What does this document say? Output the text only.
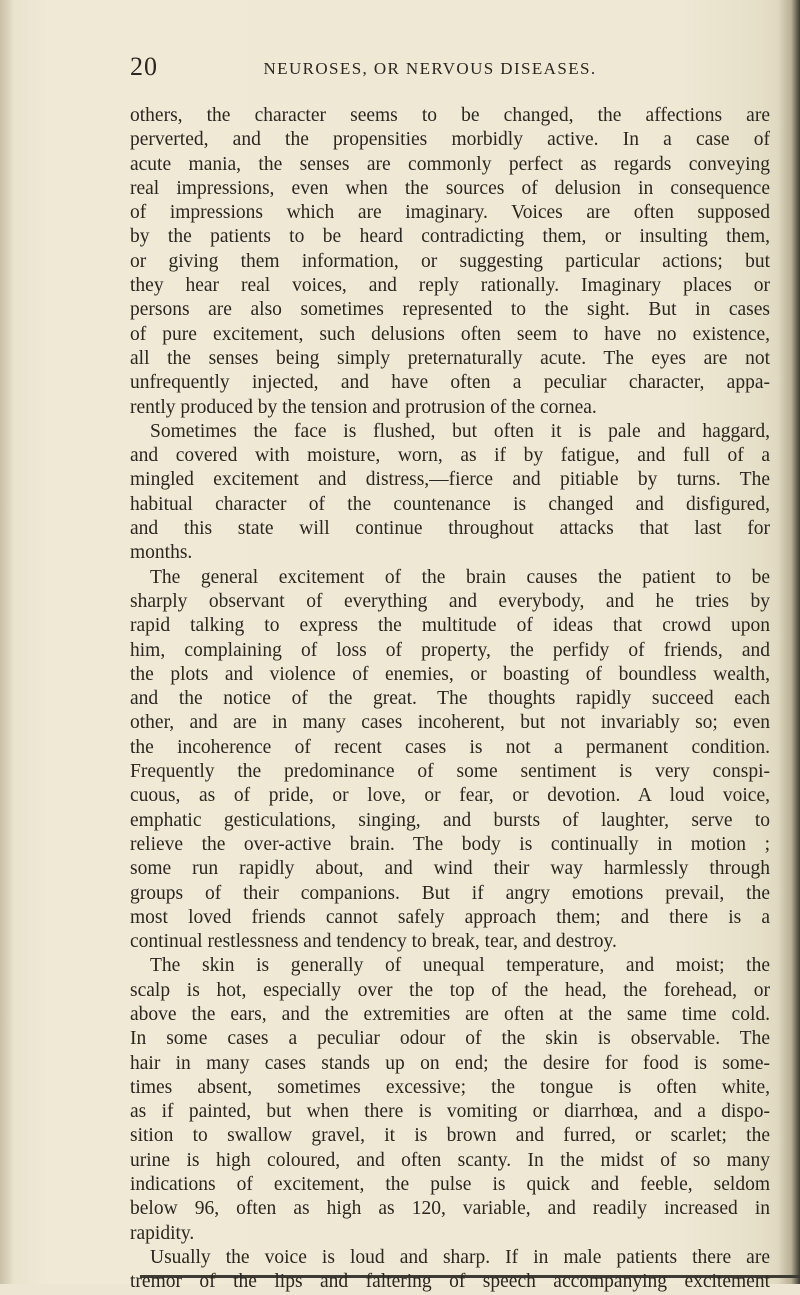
20	NEUROSES, OR NERVOUS DISEASES.
others, the character seems to be changed, the affections are
perverted, and the propensities morbidly active. In a case of
acute mania, the senses are commonly perfect as regards conveying
real impressions, even when the sources of delusion in consequence
of impressions which are imaginary. Voices are often supposed
by the patients to be heard contradicting them, or insulting them,
or giving them information, or suggesting particular actions; but
they hear real voices, and reply rationally. Imaginary places or
persons are also sometimes represented to the sight. But in cases
of pure excitement, such delusions often seem to have no existence,
all the senses being simply preternaturally acute. The eyes are not
unfrequently injected, and have often a peculiar character, appa-
rently produced by the tension and protrusion of the cornea.
Sometimes the face is flushed, but often it is pale and haggard,
and covered with moisture, worn, as if by fatigue, and full of a
mingled excitement and distress,—fierce and pitiable by turns. The
habitual character of the countenance is changed and disfigured,
and this state will continue throughout attacks that last for
months.
The general excitement of the brain causes the patient to be
sharply observant of everything and everybody, and he tries by
rapid talking to express the multitude of ideas that crowd upon
him, complaining of loss of property, the perfidy of friends, and
the plots and violence of enemies, or boasting of boundless wealth,
and the notice of the great. The thoughts rapidly succeed each
other, and are in many cases incoherent, but not invariably so; even
the incoherence of recent cases is not a permanent condition.
Frequently the predominance of some sentiment is very conspi-
cuous, as of pride, or love, or fear, or devotion. A loud voice,
emphatic gesticulations, singing, and bursts of laughter, serve to
relieve the over-active brain. The body is continually in motion ;
some run rapidly about, and wind their way harmlessly through
groups of their companions. But if angry emotions prevail, the
most loved friends cannot safely approach them; and there is a
continual restlessness and tendency to break, tear, and destroy.
The skin is generally of unequal temperature, and moist; the
scalp is hot, especially over the top of the head, the forehead, or
above the ears, and the extremities are often at the same time cold.
In some cases a peculiar odour of the skin is observable. The
hair in many cases stands up on end; the desire for food is some-
times absent, sometimes excessive; the tongue is often white,
as if painted, but when there is vomiting or diarrhœa, and a dispo-
sition to swallow gravel, it is brown and furred, or scarlet; the
urine is high coloured, and often scanty. In the midst of so many
indications of excitement, the pulse is quick and feeble, seldom
below 96, often as high as 120, variable, and readily increased in
rapidity.
Usually the voice is loud and sharp. If in male patients there are
tremor of the lips and faltering of speech accompanying excitement
